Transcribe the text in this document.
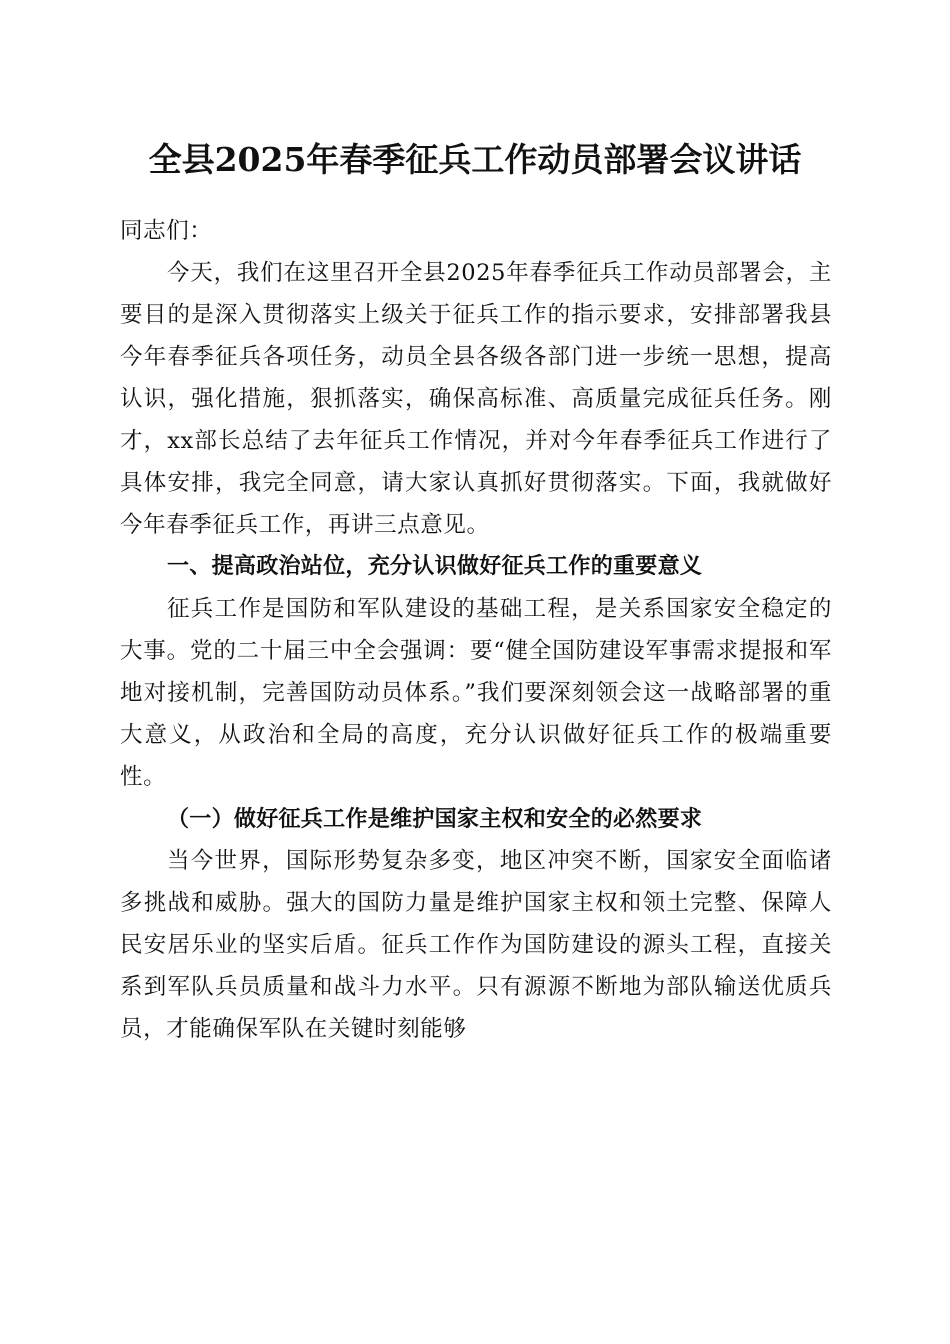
全县2025年春季征兵工作动员部署会议讲话

同志们：

今天，我们在这里召开全县2025年春季征兵工作动员部署会，主要目的是深入贯彻落实上级关于征兵工作的指示要求，安排部署我县今年春季征兵各项任务，动员全县各级各部门进一步统一思想，提高认识，强化措施，狠抓落实，确保高标准、高质量完成征兵任务。刚才，xx部长总结了去年征兵工作情况，并对今年春季征兵工作进行了具体安排，我完全同意，请大家认真抓好贯彻落实。下面，我就做好今年春季征兵工作，再讲三点意见。

一、提高政治站位，充分认识做好征兵工作的重要意义

征兵工作是国防和军队建设的基础工程，是关系国家安全稳定的大事。党的二十届三中全会强调：要“健全国防建设军事需求提报和军地对接机制，完善国防动员体系。”我们要深刻领会这一战略部署的重大意义，从政治和全局的高度，充分认识做好征兵工作的极端重要性。

（一）做好征兵工作是维护国家主权和安全的必然要求

当今世界，国际形势复杂多变，地区冲突不断，国家安全面临诸多挑战和威胁。强大的国防力量是维护国家主权和领土完整、保障人民安居乐业的坚实后盾。征兵工作作为国防建设的源头工程，直接关系到军队兵员质量和战斗力水平。只有源源不断地为部队输送优质兵员，才能确保军队在关键时刻能够
